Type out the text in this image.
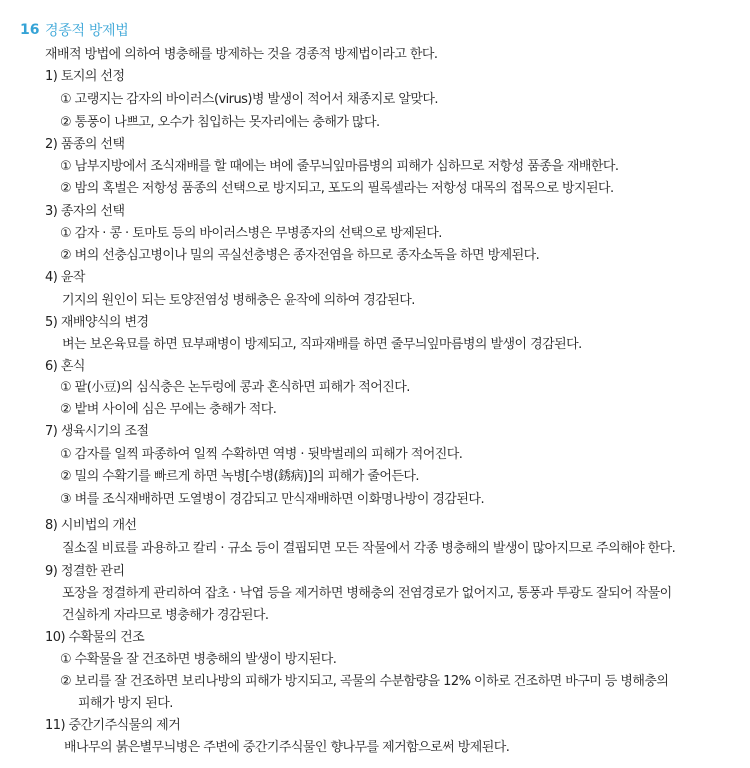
16 경종적 방제법
재배적 방법에 의하여 병충해를 방제하는 것을 경종적 방제법이라고 한다.
1) 토지의 선정
① 고랭지는 감자의 바이러스(virus)병 발생이 적어서 채종지로 알맞다.
② 통풍이 나쁘고, 오수가 침입하는 못자리에는 충해가 많다.
2) 품종의 선택
① 남부지방에서 조식재배를 할 때에는 벼에 줄무늬잎마름병의 피해가 심하므로 저항성 품종을 재배한다.
② 밤의 혹벌은 저항성 품종의 선택으로 방지되고, 포도의 필록셀라는 저항성 대목의 접목으로 방지된다.
3) 종자의 선택
① 감자 · 콩 · 토마토 등의 바이러스병은 무병종자의 선택으로 방제된다.
② 벼의 선충심고병이나 밀의 곡실선충병은 종자전염을 하므로 종자소독을 하면 방제된다.
4) 윤작
기지의 원인이 되는 토양전염성 병해충은 윤작에 의하여 경감된다.
5) 재배양식의 변경
벼는 보온육묘를 하면 묘부패병이 방제되고, 직파재배를 하면 줄무늬잎마름병의 발생이 경감된다.
6) 혼식
① 팥(小豆)의 심식충은 논두렁에 콩과 혼식하면 피해가 적어진다.
② 밭벼 사이에 심은 무에는 충해가 적다.
7) 생육시기의 조절
① 감자를 일찍 파종하여 일찍 수확하면 역병 · 뒷박벌레의 피해가 적어진다.
② 밀의 수확기를 빠르게 하면 녹병[수병(銹病)]의 피해가 줄어든다.
③ 벼를 조식재배하면 도열병이 경감되고 만식재배하면 이화명나방이 경감된다.
8) 시비법의 개선
질소질 비료를 과용하고 칼리 · 규소 등이 결핍되면 모든 작물에서 각종 병충해의 발생이 많아지므로 주의해야 한다.
9) 정결한 관리
포장을 정결하게 관리하여 잡초 · 낙엽 등을 제거하면 병해충의 전염경로가 없어지고, 통풍과 투광도 잘되어 작물이
건실하게 자라므로 병충해가 경감된다.
10) 수확물의 건조
① 수확물을 잘 건조하면 병충해의 발생이 방지된다.
② 보리를 잘 건조하면 보리나방의 피해가 방지되고, 곡물의 수분함량을 12% 이하로 건조하면 바구미 등 병해충의
피해가 방지 된다.
11) 중간기주식물의 제거
배나무의 붉은별무늬병은 주변에 중간기주식물인 향나무를 제거함으로써 방제된다.
